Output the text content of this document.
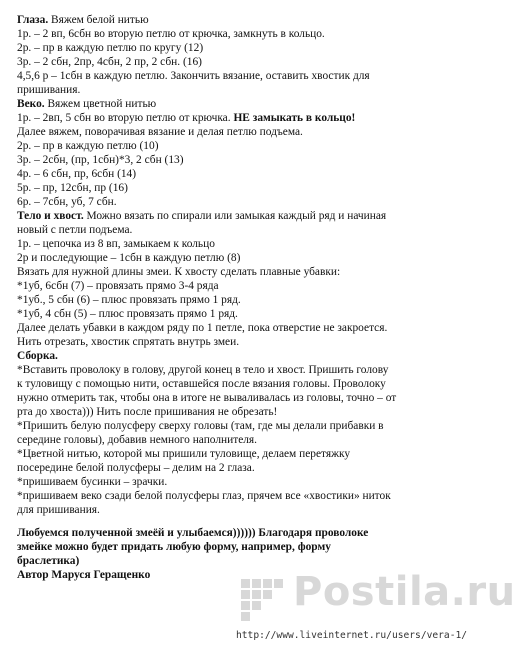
Глаза. Вяжем белой нитью
1р. – 2 вп, 6сбн во вторую петлю от крючка, замкнуть в кольцо.
2р. – пр в каждую петлю по кругу (12)
3р. – 2 сбн, 2пр, 4сбн, 2 пр, 2 сбн. (16)
4,5,6 р – 1сбн в каждую петлю. Закончить вязание, оставить хвостик для
пришивания.
Веко. Вяжем цветной нитью
1р. – 2вп, 5 сбн во вторую петлю от крючка. НЕ замыкать в кольцо!
Далее вяжем, поворачивая вязание и делая петлю подъема.
2р. – пр в каждую петлю (10)
3р. – 2сбн, (пр, 1сбн)*3, 2 сбн (13)
4р. – 6 сбн, пр, 6сбн (14)
5р. – пр, 12сбн, пр (16)
6р. – 7сбн, уб, 7 сбн.
Тело и хвост. Можно вязать по спирали или замыкая каждый ряд и начиная
новый с петли подъема.
1р. – цепочка из 8 вп, замыкаем к кольцо
2р и последующие – 1сбн в каждую петлю (8)
Вязать для нужной длины змеи. К хвосту сделать плавные убавки:
*1уб, 6сбн (7) – провязать прямо 3-4 ряда
*1уб., 5 сбн (6) – плюс провязать прямо 1 ряд.
*1уб, 4 сбн (5) – плюс провязать прямо 1 ряд.
Далее делать убавки в каждом ряду по 1 петле, пока отверстие не закроется.
Нить отрезать, хвостик спрятать внутрь змеи.
Сборка.
*Вставить проволоку в голову, другой конец в тело и хвост. Пришить голову
к туловищу с помощью нити, оставшейся после вязания головы. Проволоку
нужно отмерить так, чтобы она в итоге не вываливалась из головы, точно – от
рта до хвоста))) Нить после пришивания не обрезать!
*Пришить белую полусферу сверху головы (там, где мы делали прибавки в
середине головы), добавив немного наполнителя.
*Цветной нитью, которой мы пришили туловище, делаем перетяжку
посередине белой полусферы – делим на 2 глаза.
*пришиваем бусинки – зрачки.
*пришиваем веко сзади белой полусферы глаз, прячем все «хвостики» ниток
для пришивания.
Любуемся полученной змеёй и улыбаемся)))))) Благодаря проволоке
змейке можно будет придать любую форму, например, форму
браслетика)
Автор Маруся Геращенко	Postila.ru
http://www.liveinternet.ru/users/vera-1/
